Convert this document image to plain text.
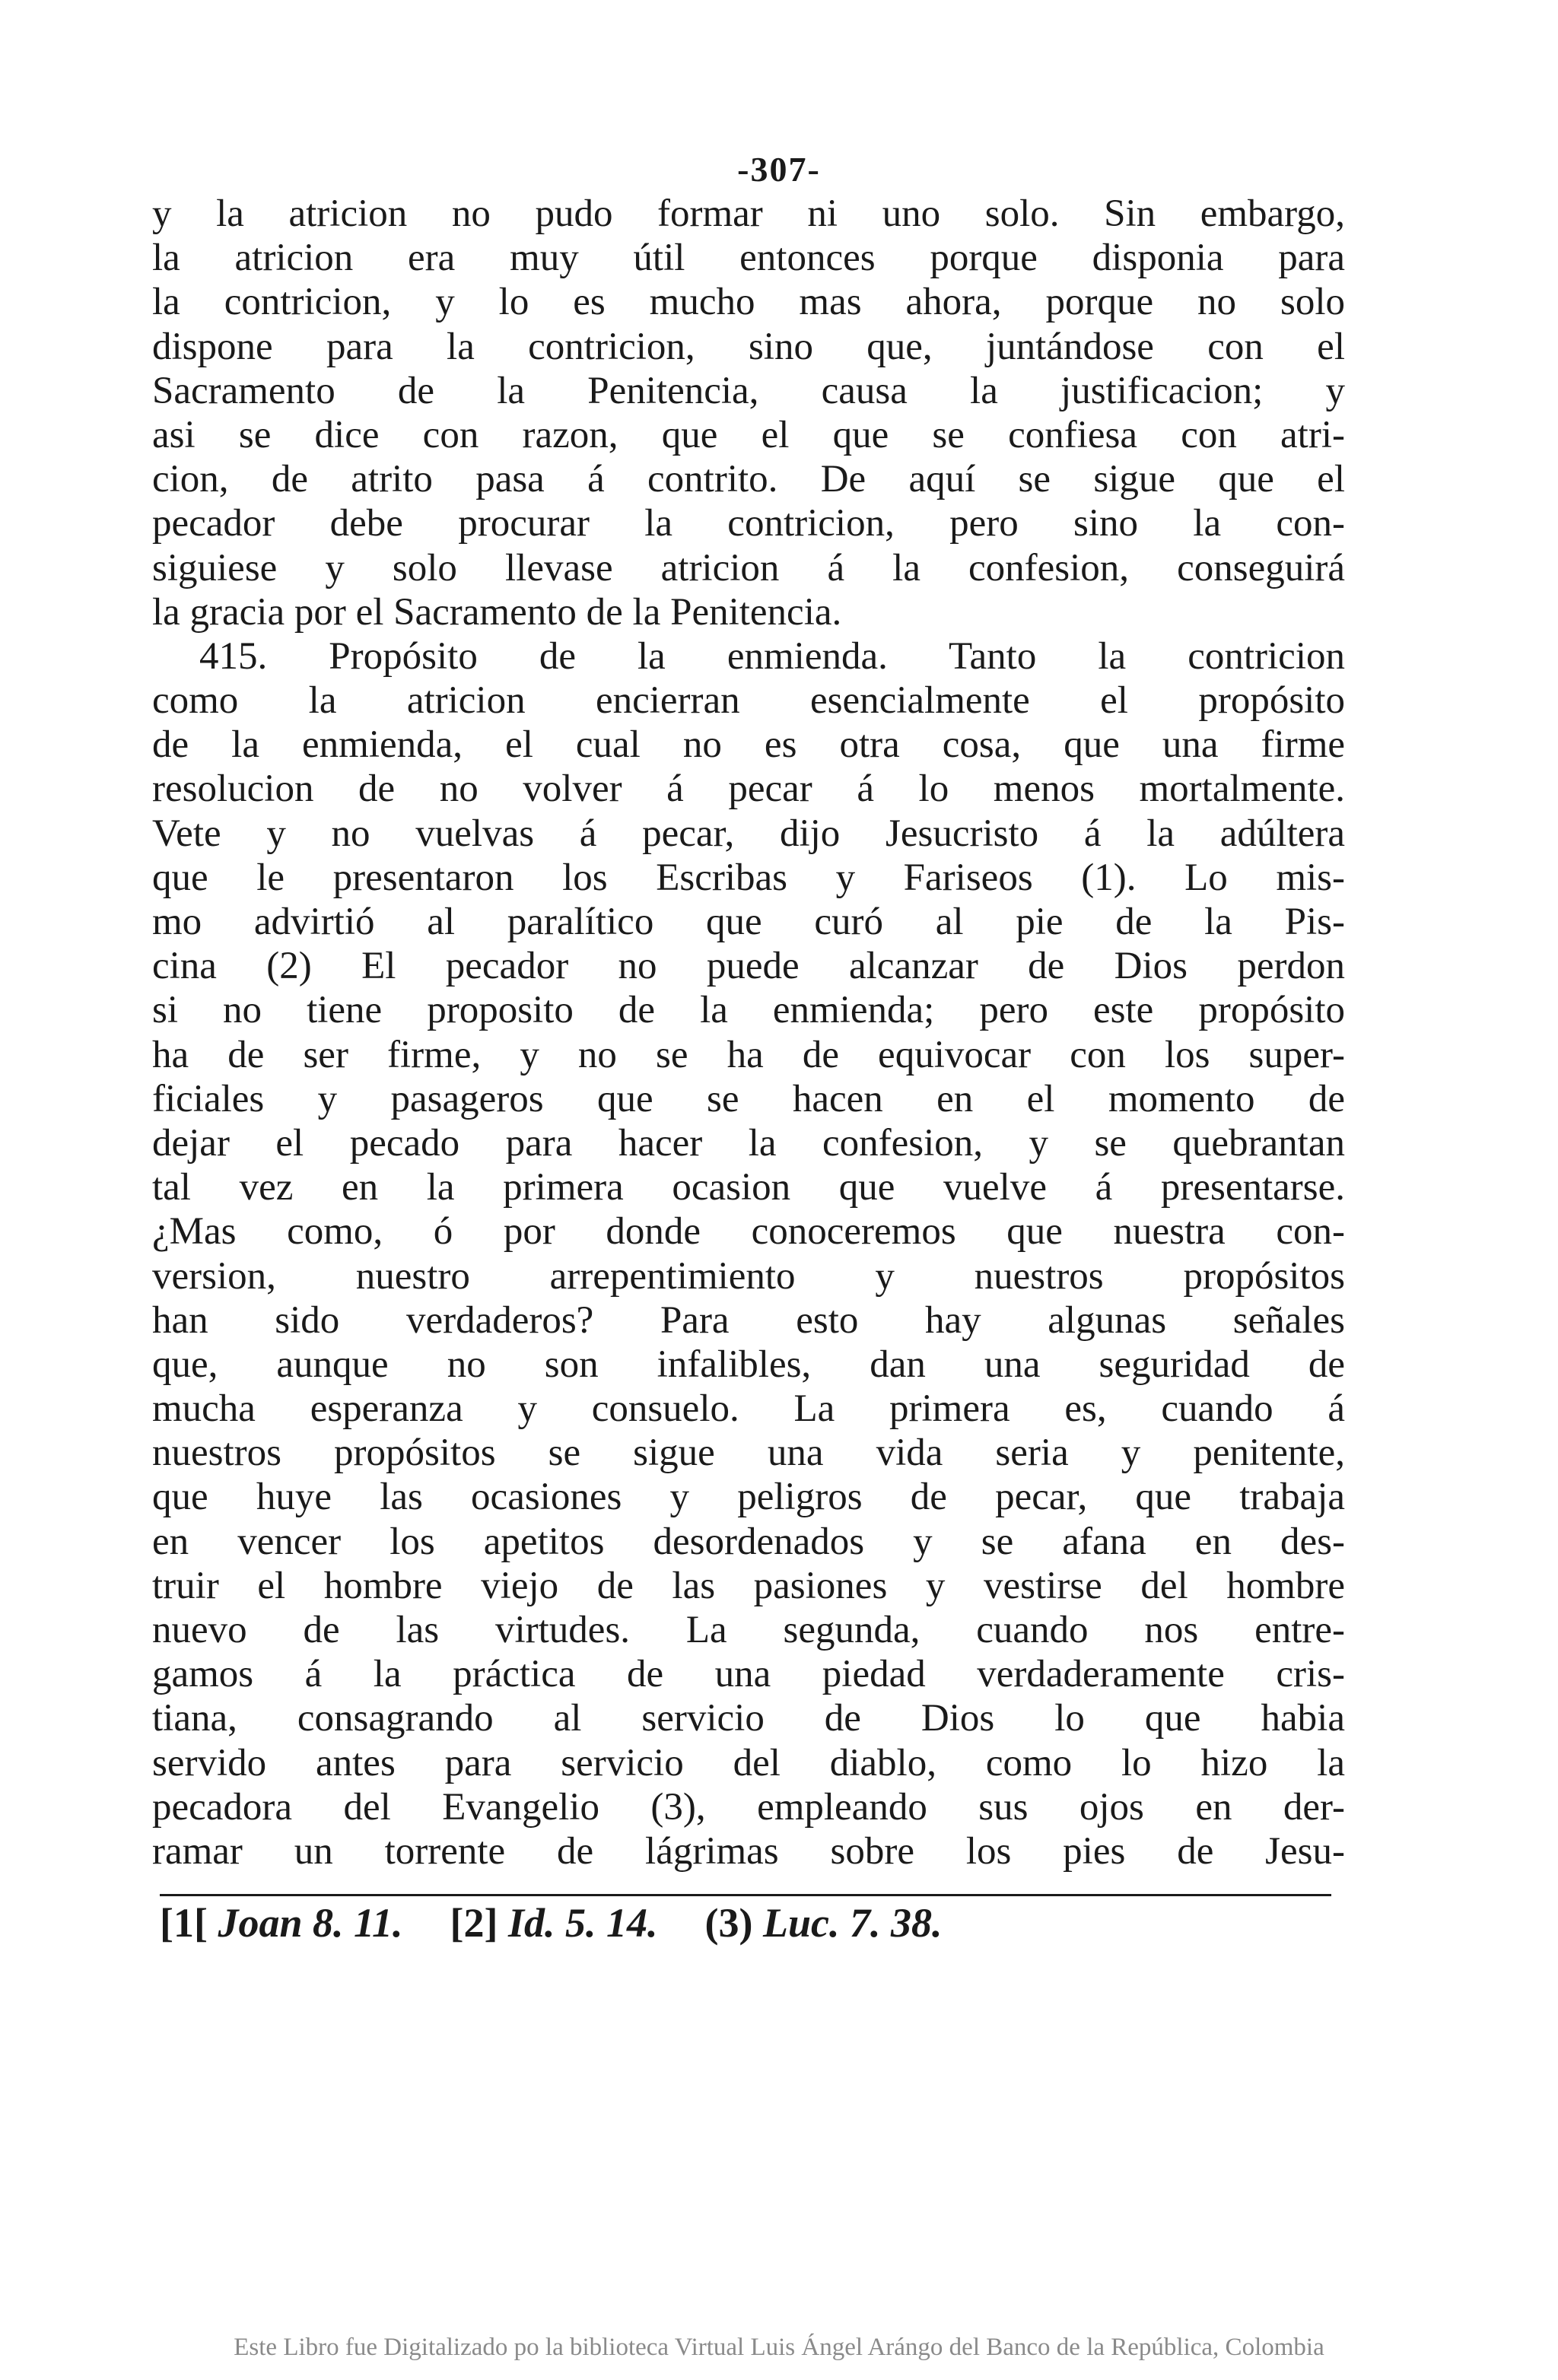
-307-
y la atricion no pudo formar ni uno solo. Sin embargo,
la atricion era muy útil entonces porque disponia para
la contricion, y lo es mucho mas ahora, porque no solo
dispone para la contricion, sino que, juntándose con el
Sacramento de la Penitencia, causa la justificacion; y
asi se dice con razon, que el que se confiesa con atri-
cion, de atrito pasa á contrito. De aquí se sigue que el
pecador debe procurar la contricion, pero sino la con-
siguiese y solo llevase atricion á la confesion, conseguirá
la gracia por el Sacramento de la Penitencia.
415. Propósito de la enmienda. Tanto la contricion
como la atricion encierran esencialmente el propósito
de la enmienda, el cual no es otra cosa, que una firme
resolucion de no volver á pecar á lo menos mortalmente.
Vete y no vuelvas á pecar, dijo Jesucristo á la adúltera
que le presentaron los Escribas y Fariseos (1). Lo mis-
mo advirtió al paralítico que curó al pie de la Pis-
cina (2) El pecador no puede alcanzar de Dios perdon
si no tiene proposito de la enmienda; pero este propósito
ha de ser firme, y no se ha de equivocar con los super-
ficiales y pasageros que se hacen en el momento de
dejar el pecado para hacer la confesion, y se quebrantan
tal vez en la primera ocasion que vuelve á presentarse.
¿Mas como, ó por donde conoceremos que nuestra con-
version, nuestro arrepentimiento y nuestros propósitos
han sido verdaderos? Para esto hay algunas señales
que, aunque no son infalibles, dan una seguridad de
mucha esperanza y consuelo. La primera es, cuando á
nuestros propósitos se sigue una vida seria y penitente,
que huye las ocasiones y peligros de pecar, que trabaja
en vencer los apetitos desordenados y se afana en des-
truir el hombre viejo de las pasiones y vestirse del hombre
nuevo de las virtudes. La segunda, cuando nos entre-
gamos á la práctica de una piedad verdaderamente cris-
tiana, consagrando al servicio de Dios lo que habia
servido antes para servicio del diablo, como lo hizo la
pecadora del Evangelio (3), empleando sus ojos en der-
ramar un torrente de lágrimas sobre los pies de Jesu-
[1[ Joan 8. 11. [2] Id. 5. 14. (3) Luc. 7. 38.
Este Libro fue Digitalizado po la biblioteca Virtual Luis Ángel Arángo del Banco de la República, Colombia
